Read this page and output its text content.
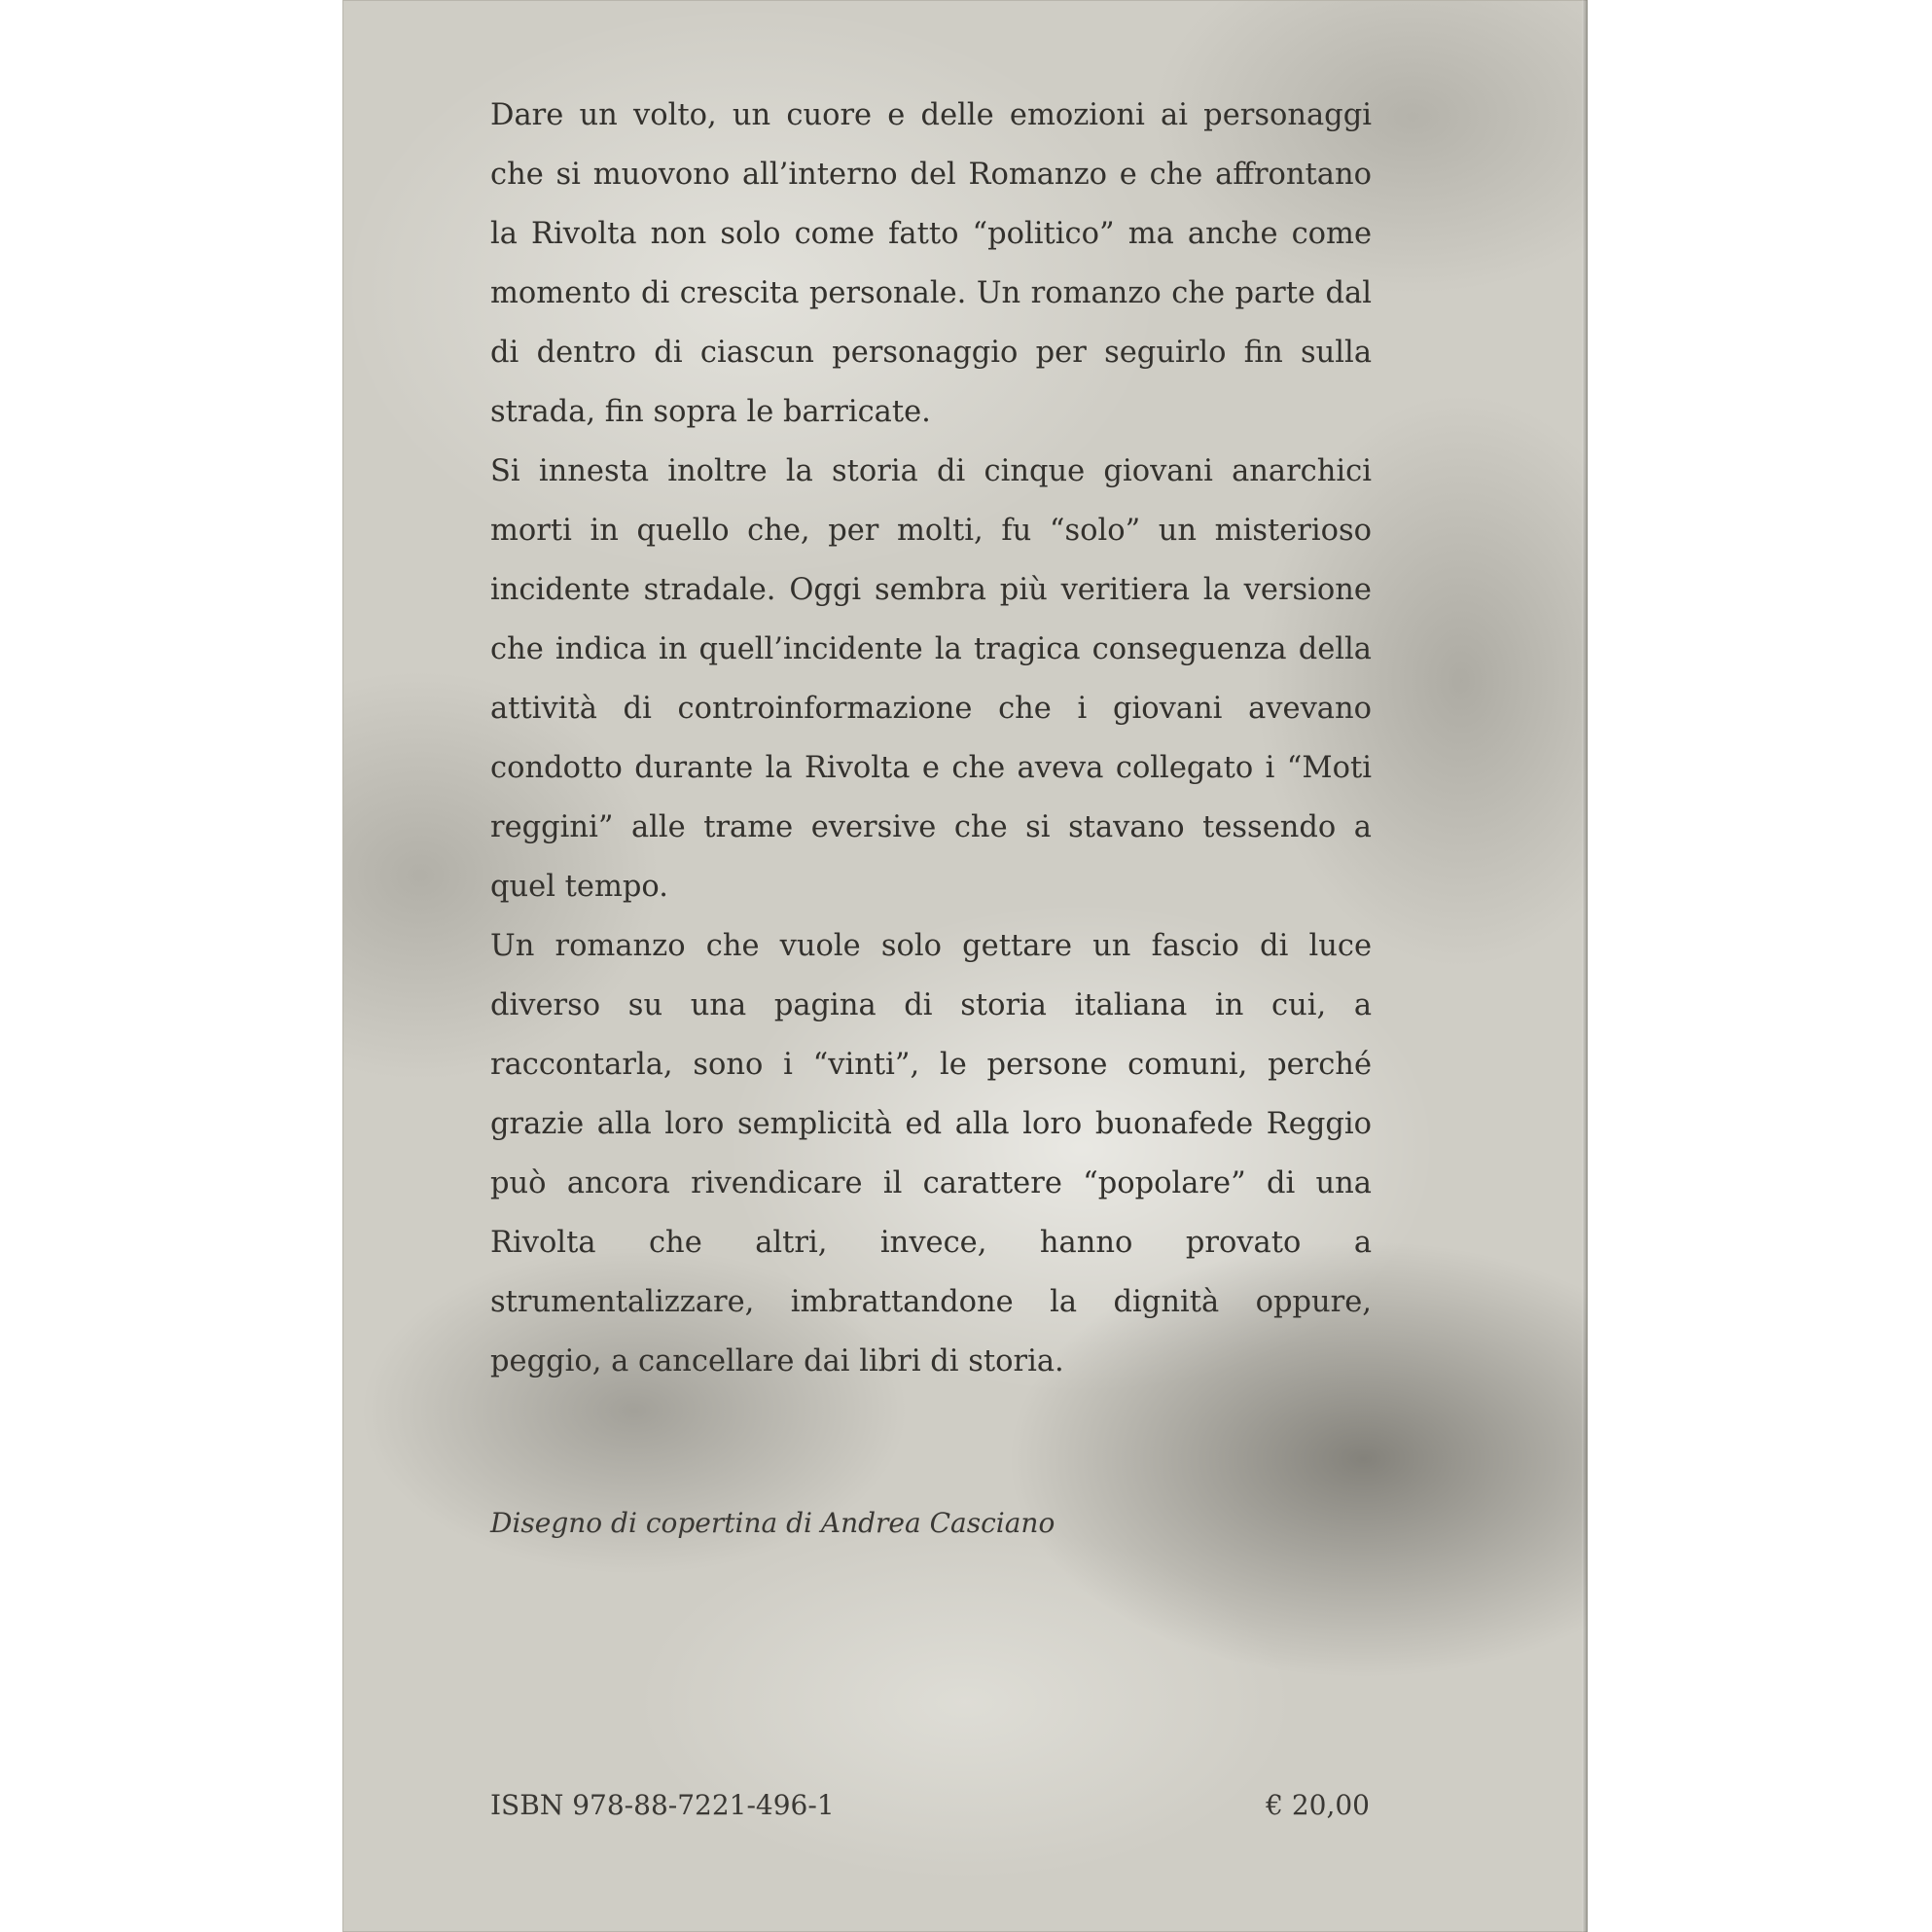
Dare un volto, un cuore e delle emozioni ai personaggi che si muovono all’interno del Romanzo e che affrontano la Rivolta non solo come fatto “politico” ma anche come momento di crescita personale. Un romanzo che parte dal di dentro di ciascun personaggio per seguirlo fin sulla strada, fin sopra le barricate.

Si innesta inoltre la storia di cinque giovani anarchici morti in quello che, per molti, fu “solo” un misterioso incidente stradale. Oggi sembra più veritiera la versione che indica in quell’incidente la tragica conseguenza della attività di controinformazione che i giovani avevano condotto durante la Rivolta e che aveva collegato i “Moti reggini” alle trame eversive che si stavano tessendo a quel tempo.

Un romanzo che vuole solo gettare un fascio di luce diverso su una pagina di storia italiana in cui, a raccontarla, sono i “vinti”, le persone comuni, perché grazie alla loro semplicità ed alla loro buonafede Reggio può ancora rivendicare il carattere “popolare” di una Rivolta che altri, invece, hanno provato a strumentalizzare, imbrattandone la dignità oppure, peggio, a cancellare dai libri di storia.

Disegno di copertina di Andrea Casciano
ISBN 978-88-7221-496-1	€ 20,00
